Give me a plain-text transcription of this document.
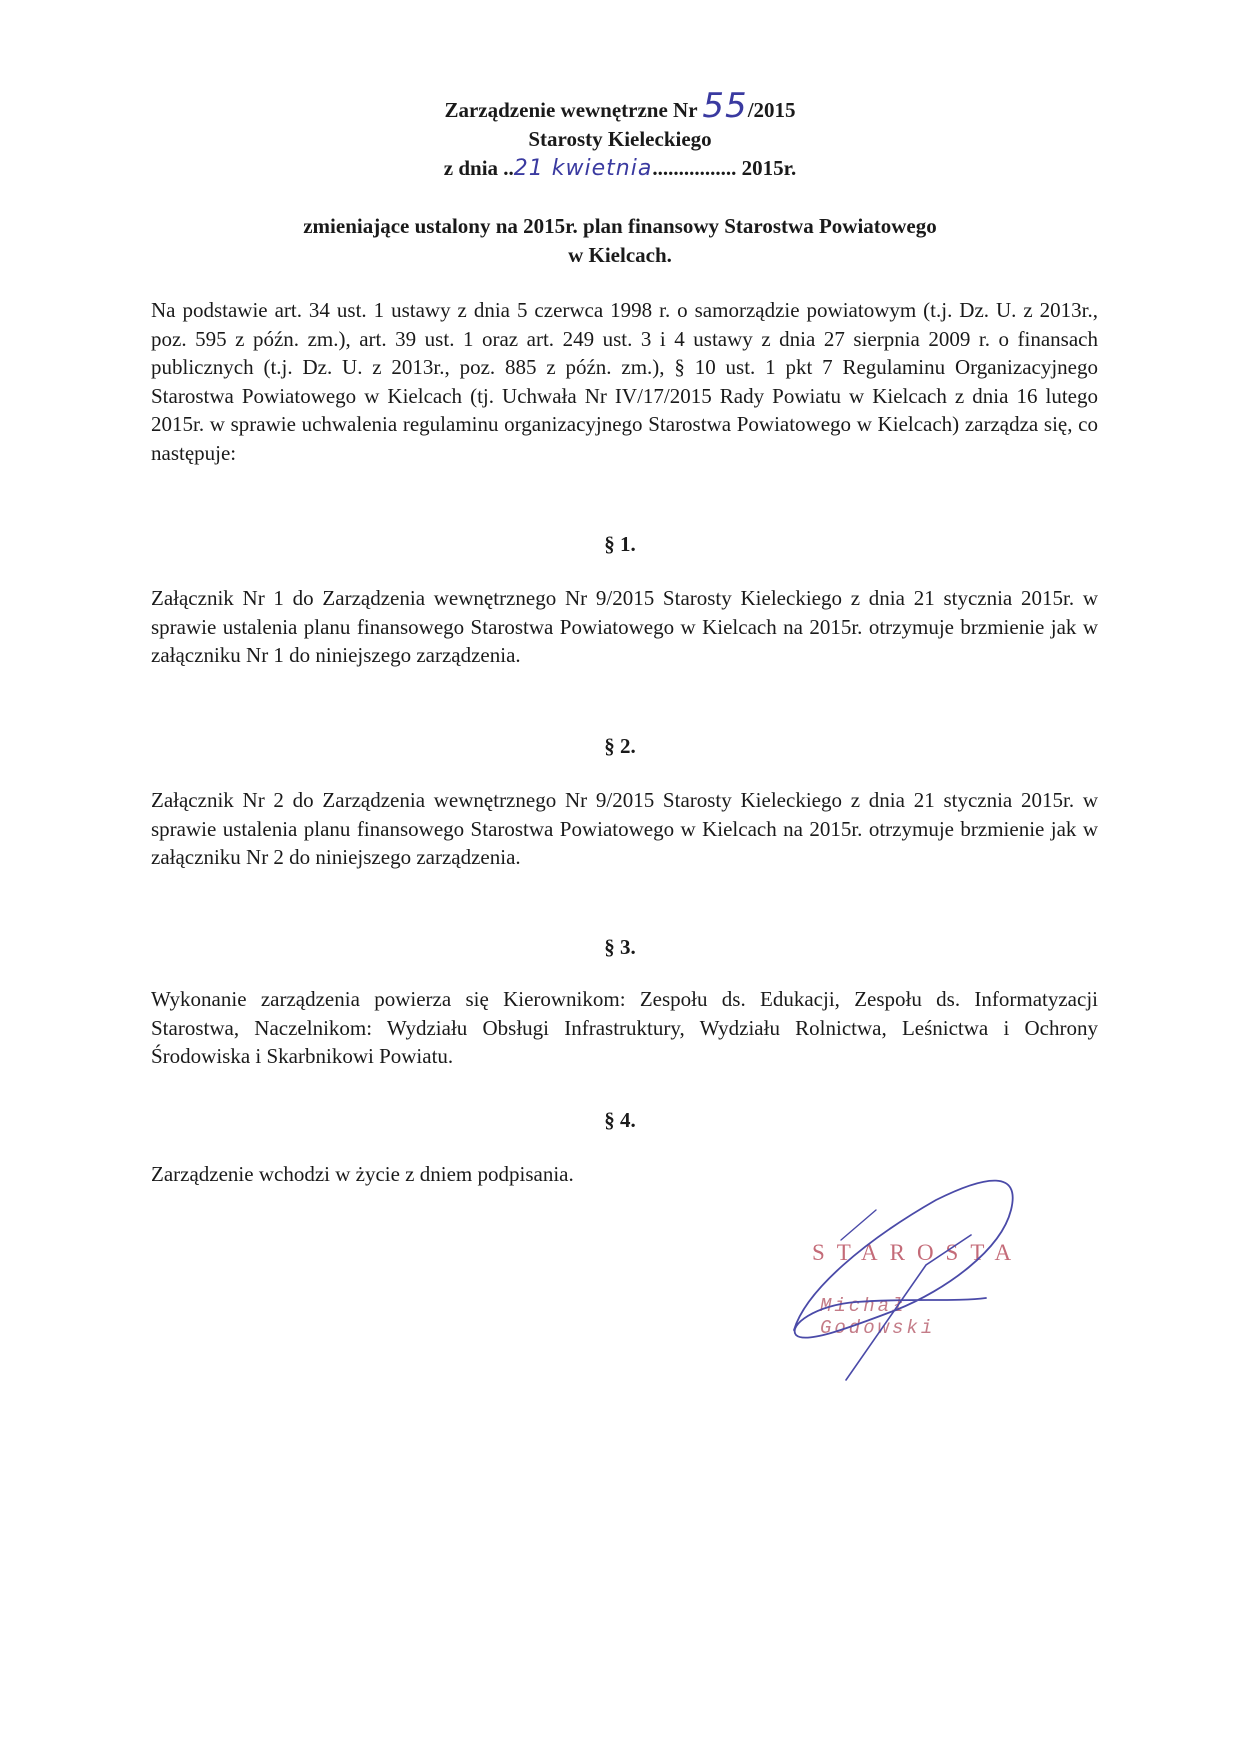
Zarządzenie wewnętrzne Nr 55/2015
Starosty Kieleckiego
z dnia ..21 kwietnia................ 2015r.
zmieniające ustalony na 2015r. plan finansowy Starostwa Powiatowego
w Kielcach.

Na podstawie art. 34 ust. 1 ustawy z dnia 5 czerwca 1998 r. o samorządzie powiatowym (t.j. Dz. U. z 2013r., poz. 595 z późn. zm.), art. 39 ust. 1 oraz art. 249 ust. 3 i 4 ustawy z dnia 27 sierpnia 2009 r. o finansach publicznych (t.j. Dz. U. z 2013r., poz. 885 z późn. zm.), § 10 ust. 1 pkt 7 Regulaminu Organizacyjnego Starostwa Powiatowego w Kielcach (tj. Uchwała Nr IV/17/2015 Rady Powiatu w Kielcach z dnia 16 lutego 2015r. w sprawie uchwalenia regulaminu organizacyjnego Starostwa Powiatowego w Kielcach) zarządza się, co następuje:

§ 1.

Załącznik Nr 1 do Zarządzenia wewnętrznego Nr 9/2015 Starosty Kieleckiego z dnia 21 stycznia 2015r. w sprawie ustalenia planu finansowego Starostwa Powiatowego w Kielcach na 2015r. otrzymuje brzmienie jak w załączniku Nr 1 do niniejszego zarządzenia.

§ 2.

Załącznik Nr 2 do Zarządzenia wewnętrznego Nr 9/2015 Starosty Kieleckiego z dnia 21 stycznia 2015r. w sprawie ustalenia planu finansowego Starostwa Powiatowego w Kielcach na 2015r. otrzymuje brzmienie jak w załączniku Nr 2 do niniejszego zarządzenia.

§ 3.

Wykonanie zarządzenia powierza się Kierownikom: Zespołu ds. Edukacji, Zespołu ds. Informatyzacji Starostwa, Naczelnikom: Wydziału Obsługi Infrastruktury, Wydziału Rolnictwa, Leśnictwa i Ochrony Środowiska i Skarbnikowi Powiatu.

§ 4.

Zarządzenie wchodzi w życie z dniem podpisania.

STAROSTA
Michał Godowski
